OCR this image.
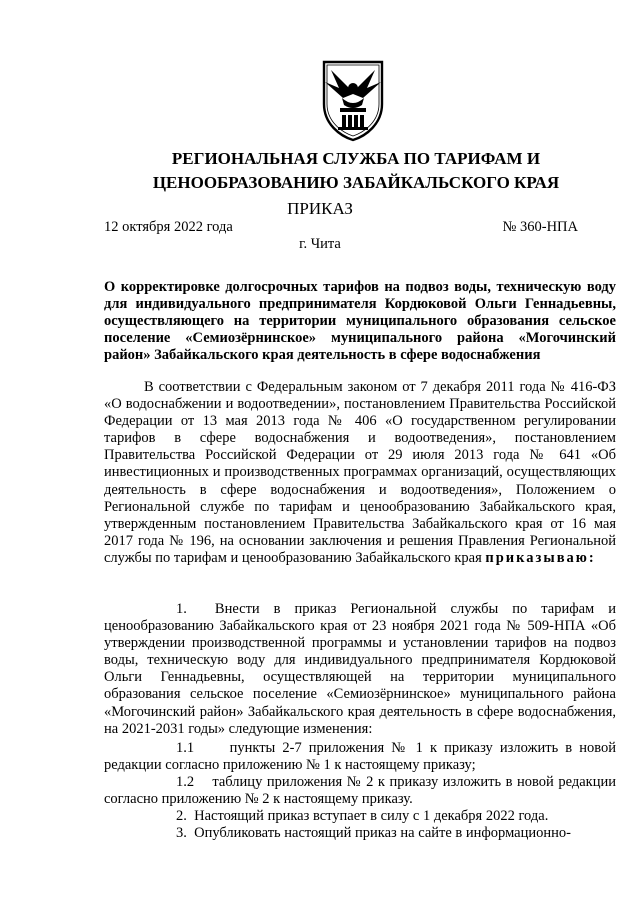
РЕГИОНАЛЬНАЯ СЛУЖБА ПО ТАРИФАМ И
ЦЕНООБРАЗОВАНИЮ ЗАБАЙКАЛЬСКОГО КРАЯ
ПРИКАЗ
12 октября 2022 года	№ 360-НПА
г. Чита
О корректировке долгосрочных тарифов на подвоз воды, техническую воду для индивидуального предпринимателя Кордюковой Ольги Геннадьевны, осуществляющего на территории муниципального образования сельское поселение «Семиозёрнинское» муниципального района «Могочинский район» Забайкальского края деятельность в сфере водоснабжения

В соответствии с Федеральным законом от 7 декабря 2011 года № 416-ФЗ «О водоснабжении и водоотведении», постановлением Правительства Российской Федерации от 13 мая 2013 года № 406 «О государственном регулировании тарифов в сфере водоснабжения и водоотведения», постановлением Правительства Российской Федерации от 29 июля 2013 года № 641 «Об инвестиционных и производственных программах организаций, осуществляющих деятельность в сфере водоснабжения и водоотведения», Положением о Региональной службе по тарифам и ценообразованию Забайкальского края, утвержденным постановлением Правительства Забайкальского края от 16 мая 2017 года № 196, на основании заключения и решения Правления Региональной службы по тарифам и ценообразованию Забайкальского края приказываю:

1. Внести в приказ Региональной службы по тарифам и ценообразованию Забайкальского края от 23 ноября 2021 года № 509-НПА «Об утверждении производственной программы и установлении тарифов на подвоз воды, техническую воду для индивидуального предпринимателя Кордюковой Ольги Геннадьевны, осуществляющей на территории муниципального образования сельское поселение «Семиозёрнинское» муниципального района «Могочинский район» Забайкальского края деятельность в сфере водоснабжения, на 2021-2031 годы» следующие изменения:

1.1 пункты 2-7 приложения № 1 к приказу изложить в новой редакции согласно приложению № 1 к настоящему приказу;

1.2 таблицу приложения № 2 к приказу изложить в новой редакции согласно приложению № 2 к настоящему приказу.

2. Настоящий приказ вступает в силу с 1 декабря 2022 года.

3. Опубликовать настоящий приказ на сайте в информационно-
